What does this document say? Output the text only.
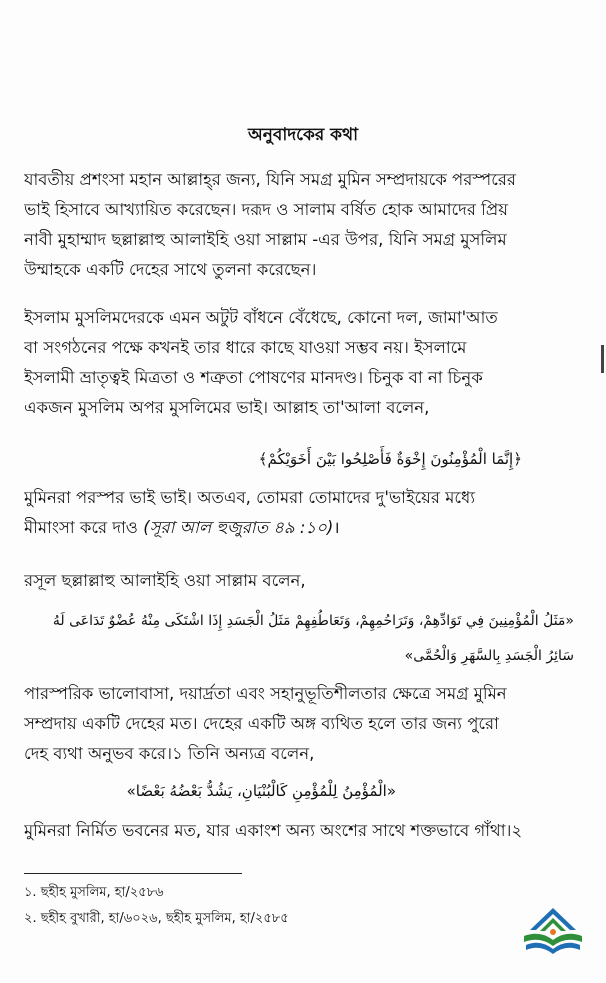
অনুবাদকের কথা
যাবতীয় প্রশংসা মহান আল্লাহ্‌র জন্য, যিনি সমগ্র মুমিন সম্প্রদায়কে পরস্পরের
ভাই হিসাবে আখ্যায়িত করেছেন। দরূদ ও সালাম বর্ষিত হোক আমাদের প্রিয়
নাবী মুহাম্মাদ ছল্লাল্লাহু আলাইহি ওয়া সাল্লাম -এর উপর, যিনি সমগ্র মুসলিম
উম্মাহকে একটি দেহের সাথে তুলনা করেছেন।
ইসলাম মুসলিমদেরকে এমন অটুট বাঁধনে বেঁধেছে, কোনো দল, জামা'আত
বা সংগঠনের পক্ষে কখনই তার ধারে কাছে যাওয়া সম্ভব নয়। ইসলামে
ইসলামী ভ্রাতৃত্বই মিত্রতা ও শত্রুতা পোষণের মানদণ্ড। চিনুক বা না চিনুক
একজন মুসলিম অপর মুসলিমের ভাই। আল্লাহ তা'আলা বলেন,
﴿إِنَّمَا الْمُؤْمِنُونَ إِخْوَةٌ فَأَصْلِحُوا بَيْنَ أَخَوَيْكُمْ﴾
মুমিনরা পরস্পর ভাই ভাই। অতএব, তোমরা তোমাদের দু'ভাইয়ের মধ্যে
মীমাংসা করে দাও (সূরা আল হুজুরাত ৪৯ :১০)।
রসূল ছল্লাল্লাহু আলাইহি ওয়া সাল্লাম বলেন,
«مَثَلُ الْمُؤْمِنِينَ فِي تَوَادِّهِمْ، وَتَرَاحُمِهِمْ، وَتَعَاطُفِهِمْ مَثَلُ الْجَسَدِ إِذَا اشْتَكَى مِنْهُ عُضْوٌ تَدَاعَى لَهُ
سَائِرُ الْجَسَدِ بِالسَّهَرِ وَالْحُمَّى»
পারস্পরিক ভালোবাসা, দয়ার্দ্রতা এবং সহানুভূতিশীলতার ক্ষেত্রে সমগ্র মুমিন
সম্প্রদায় একটি দেহের মত। দেহের একটি অঙ্গ ব্যথিত হলে তার জন্য পুরো
দেহ ব্যথা অনুভব করে।১ তিনি অন্যত্র বলেন,
«الْمُؤْمِنُ لِلْمُؤْمِنِ كَالْبُنْيَانِ، يَشُدُّ بَعْضُهُ بَعْضًا»
মুমিনরা নির্মিত ভবনের মত, যার একাংশ অন্য অংশের সাথে শক্তভাবে গাঁথা।২
১. ছহীহ মুসলিম, হা/২৫৮৬
২. ছহীহ বুখারী, হা/৬০২৬, ছহীহ মুসলিম, হা/২৫৮৫
